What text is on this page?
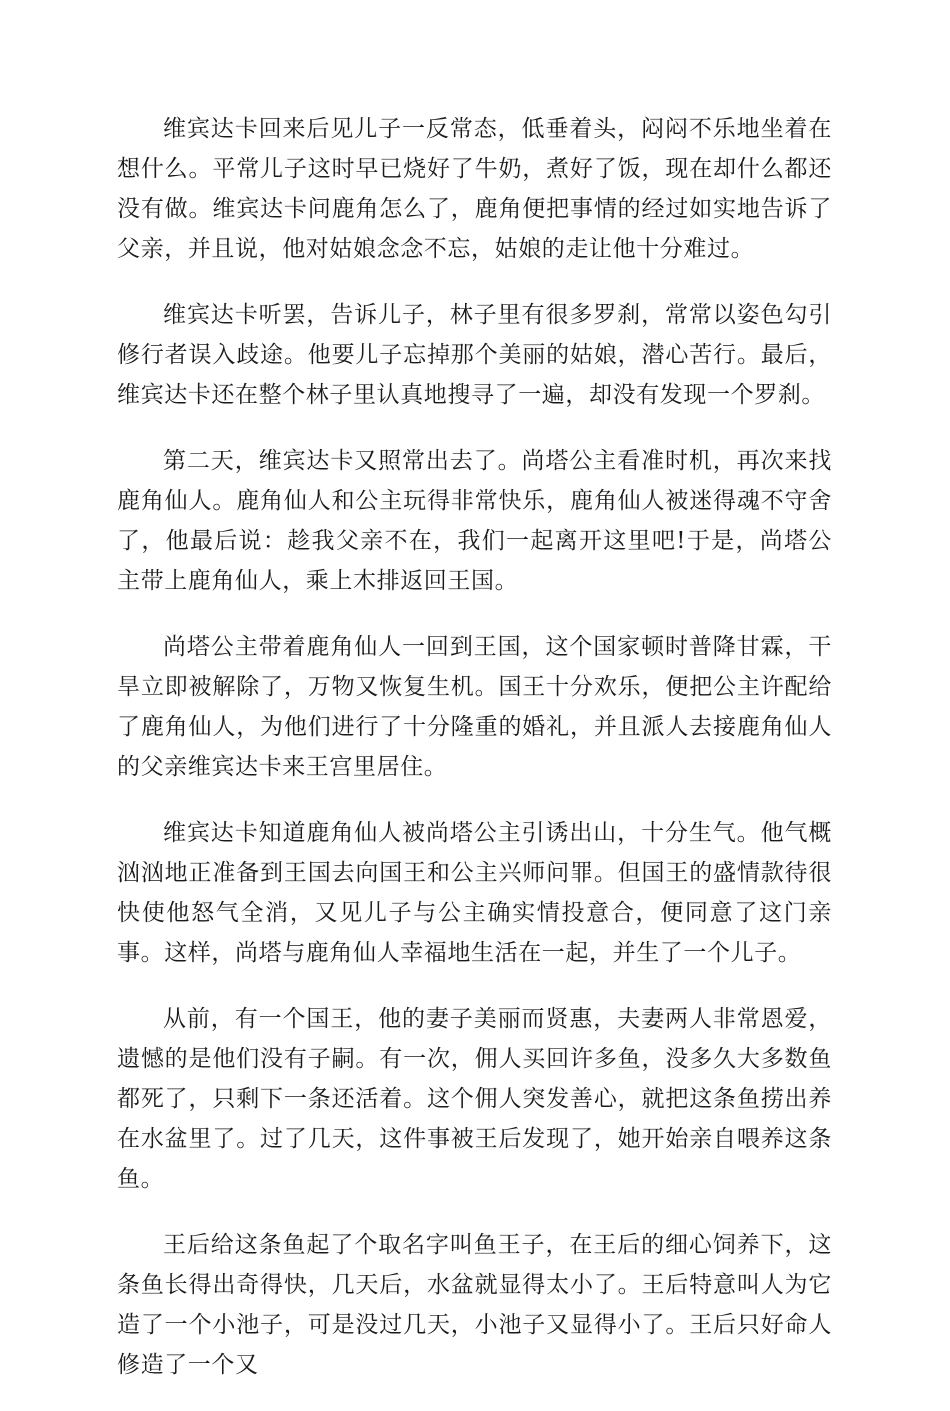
维宾达卡回来后见儿子一反常态，低垂着头，闷闷不乐地坐着在想什么。平常儿子这时早已烧好了牛奶，煮好了饭，现在却什么都还没有做。维宾达卡问鹿角怎么了，鹿角便把事情的经过如实地告诉了父亲，并且说，他对姑娘念念不忘，姑娘的走让他十分难过。

维宾达卡听罢，告诉儿子，林子里有很多罗刹，常常以姿色勾引修行者误入歧途。他要儿子忘掉那个美丽的姑娘，潜心苦行。最后，维宾达卡还在整个林子里认真地搜寻了一遍，却没有发现一个罗刹。

第二天，维宾达卡又照常出去了。尚塔公主看准时机，再次来找鹿角仙人。鹿角仙人和公主玩得非常快乐，鹿角仙人被迷得魂不守舍了，他最后说：趁我父亲不在，我们一起离开这里吧!于是，尚塔公主带上鹿角仙人，乘上木排返回王国。

尚塔公主带着鹿角仙人一回到王国，这个国家顿时普降甘霖，干旱立即被解除了，万物又恢复生机。国王十分欢乐，便把公主许配给了鹿角仙人，为他们进行了十分隆重的婚礼，并且派人去接鹿角仙人的父亲维宾达卡来王宫里居住。

维宾达卡知道鹿角仙人被尚塔公主引诱出山，十分生气。他气概汹汹地正准备到王国去向国王和公主兴师问罪。但国王的盛情款待很快使他怒气全消，又见儿子与公主确实情投意合，便同意了这门亲事。这样，尚塔与鹿角仙人幸福地生活在一起，并生了一个儿子。

从前，有一个国王，他的妻子美丽而贤惠，夫妻两人非常恩爱，遗憾的是他们没有子嗣。有一次，佣人买回许多鱼，没多久大多数鱼都死了，只剩下一条还活着。这个佣人突发善心，就把这条鱼捞出养在水盆里了。过了几天，这件事被王后发现了，她开始亲自喂养这条鱼。

王后给这条鱼起了个取名字叫鱼王子，在王后的细心饲养下，这条鱼长得出奇得快，几天后，水盆就显得太小了。王后特意叫人为它造了一个小池子，可是没过几天，小池子又显得小了。王后只好命人修造了一个又
